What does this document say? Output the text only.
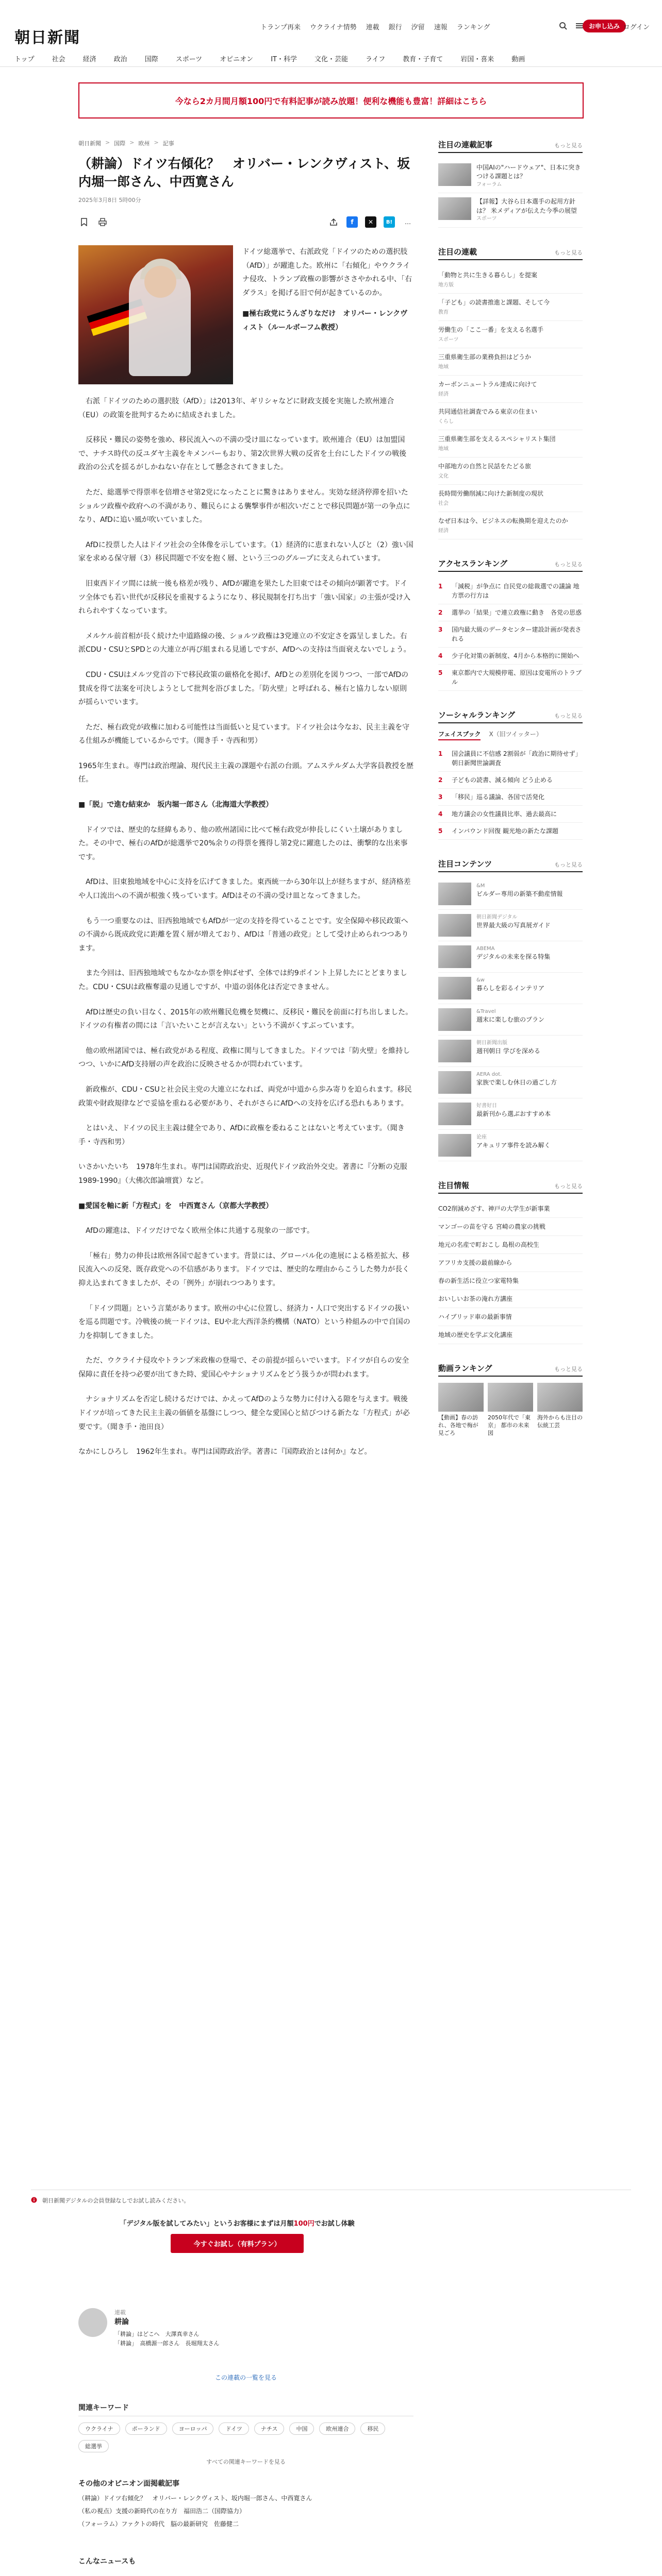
朝日新聞
トランプ再来 ウクライナ情勢 連載 銀行 汐留 速報 ランキング	お申し込み ログイン
トップ	社会	経済	政治	国際	スポーツ	オピニオン	IT・科学	文化・芸能	ライフ	教育・子育て	岩国・喜来	動画
今なら2カ月間月額100円で有料記事が読み放題！便利な機能も豊富！詳細はこちら
朝日新聞 > 国際 > 欧州 > 記事
（耕論）ドイツ右傾化？　オリバー・レンクヴィスト、坂内堀一郎さん、中西寛さん
2025年3月8日 5時00分
f	✕	B!	…

ドイツ総選挙で、右派政党「ドイツのための選択肢（AfD）」が躍進した。欧州に「右傾化」やウクライナ侵攻、トランプ政権の影響がささやかれる中、「右ダラス」を掲げる旧で何が起きているのか。

■極右政党にうんざりなだけ　オリバー・レンクヴィスト（ルールボーフム教授）

右派「ドイツのための選択肢（AfD）」は2013年、ギリシャなどに財政支援を実施した欧州連合（EU）の政策を批判するために結成されました。

反移民・難民の姿勢を強め、移民流入への不満の受け皿になっています。欧州連合（EU）は加盟国で、ナチス時代の反ユダヤ主義をキメンバーもおり、第2次世界大戦の反省を土台にしたドイツの戦後政治の公式を揺るがしかねない存在として懸念されてきました。

ただ、総選挙で得票率を倍増させ第2党になったことに驚きはありません。実効な経済停滞を招いたショルツ政権や政府への不満があり、難民らによる襲撃事件が相次いだことで移民問題が第一の争点になり、AfDに追い風が吹いていました。

AfDに投票した人はドイツ社会の全体像を示しています。（1）経済的に恵まれない人びと（2）強い国家を求める保守層（3）移民問題で不安を抱く層、という三つのグループに支えられています。

旧東西ドイツ間には統一後も格差が残り、AfDが躍進を果たした旧東ではその傾向が顕著です。ドイツ全体でも若い世代が反移民を重視するようになり、移民規制を打ち出す「強い国家」の主張が受け入れられやすくなっています。

メルケル前首相が長く続けた中道路線の後、ショルツ政権は3党連立の不安定さを露呈しました。右派CDU・CSUとSPDとの大連立が再び組まれる見通しですが、AfDへの支持は当面衰えないでしょう。

CDU・CSUはメルツ党首の下で移民政策の厳格化を掲げ、AfDとの差別化を図りつつ、一部でAfDの賛成を得て法案を可決しようとして批判を浴びました。「防火壁」と呼ばれる、極右と協力しない原則が揺らいでいます。

ただ、極右政党が政権に加わる可能性は当面低いと見ています。ドイツ社会は今なお、民主主義を守る仕組みが機能しているからです。（聞き手・寺西和男）

1965年生まれ。専門は政治理論、現代民主主義の課題や右派の台頭。アムステルダム大学客員教授を歴任。

■「脱」で進む結束か　坂内堀一郎さん（北海道大学教授）

ドイツでは、歴史的な経緯もあり、他の欧州諸国に比べて極右政党が伸長しにくい土壌がありました。その中で、極右のAfDが総選挙で20%余りの得票を獲得し第2党に躍進したのは、衝撃的な出来事です。

AfDは、旧東独地域を中心に支持を広げてきました。東西統一から30年以上が経ちますが、経済格差や人口流出への不満が根強く残っています。AfDはその不満の受け皿となってきました。

もう一つ重要なのは、旧西独地域でもAfDが一定の支持を得ていることです。安全保障や移民政策への不満から既成政党に距離を置く層が増えており、AfDは「普通の政党」として受け止められつつあります。

また今回は、旧西独地域でもなかなか票を伸ばせず、全体では約9ポイント上昇したにとどまりました。CDU・CSUは政権奪還の見通しですが、中道の弱体化は否定できません。

AfDは歴史の負い目なく、2015年の欧州難民危機を契機に、反移民・難民を前面に打ち出しました。ドイツの有権者の間には「言いたいことが言えない」という不満がくすぶっています。

他の欧州諸国では、極右政党がある程度、政権に関与してきました。ドイツでは「防火壁」を維持しつつ、いかにAfD支持層の声を政治に反映させるかが問われています。

新政権が、CDU・CSUと社会民主党の大連立になれば、両党が中道から歩み寄りを迫られます。移民政策や財政規律などで妥協を重ねる必要があり、それがさらにAfDへの支持を広げる恐れもあります。

とはいえ、ドイツの民主主義は健全であり、AfDに政権を委ねることはないと考えています。（聞き手・寺西和男）

いさかいたいち　1978年生まれ。専門は国際政治史、近現代ドイツ政治外交史。著書に『分断の克服　1989-1990』（大佛次郎論壇賞）など。

■愛国を軸に新「方程式」を　中西寛さん（京都大学教授）

AfDの躍進は、ドイツだけでなく欧州全体に共通する現象の一部です。

「極右」勢力の伸長は欧州各国で起きています。背景には、グローバル化の進展による格差拡大、移民流入への反発、既存政党への不信感があります。ドイツでは、歴史的な理由からこうした勢力が長く抑え込まれてきましたが、その「例外」が崩れつつあります。

「ドイツ問題」という言葉があります。欧州の中心に位置し、経済力・人口で突出するドイツの扱いを巡る問題です。冷戦後の統一ドイツは、EUや北大西洋条約機構（NATO）という枠組みの中で自国の力を抑制してきました。

ただ、ウクライナ侵攻やトランプ米政権の登場で、その前提が揺らいでいます。ドイツが自らの安全保障に責任を持つ必要が出てきた時、愛国心やナショナリズムをどう扱うかが問われます。

ナショナリズムを否定し続けるだけでは、かえってAfDのような勢力に付け入る隙を与えます。戦後ドイツが培ってきた民主主義の価値を基盤にしつつ、健全な愛国心と結びつける新たな「方程式」が必要です。（聞き手・池田良）

なかにしひろし　1962年生まれ。専門は国際政治学。著書に『国際政治とは何か』など。

注目の連載記事	もっと見る
中国AIの"ハードウェア"、日本に突きつける課題とは？
フォーラム
【詳報】大谷ら日本選手の起用方針は？ 米メディアが伝えた今季の展望
スポーツ
注目の連載	もっと見る
「動物と共に生きる暮らし」を提案
地方版
「子ども」の読書推進と課題、そして今
教育
労働生の「ここ一番」を支える名選手
スポーツ
三重県衛生部の業務負担はどうか
地域
カーボンニュートラル達成に向けて
経済
共同通信社調査でみる東京の住まい
くらし
三重県衛生部を支えるスペシャリスト集団
地域
中部地方の自然と民話をたどる旅
文化
長時間労働削減に向けた新制度の現状
社会
なぜ日本は今、ビジネスの転換期を迎えたのか
経済
アクセスランキング	もっと見る
1	「減税」が争点に 自民党の総裁選での議論 地方票の行方は
2	選挙の「結果」で連立政権に動き　各党の思惑
3	国内最大級のデータセンター建設計画が発表される
4	少子化対策の新制度、4月から本格的に開始へ
5	東京都内で大規模停電、原因は変電所のトラブル
ソーシャルランキング	もっと見る
フェイスブック X（旧ツイッター）
1	国会議員に不信感 2割弱が「政治に期待せず」 朝日新聞世論調査
2	子どもの読書、減る傾向 どう止める
3	「移民」巡る議論、各国で活発化
4	地方議会の女性議員比率、過去最高に
5	インバウンド回復 観光地の新たな課題
注目コンテンツ	もっと見る
&M
ビルダー専用の新築不動産情報
朝日新聞デジタル
世界最大級の写真展ガイド
ABEMA
デジタルの未来を探る特集
&w
暮らしを彩るインテリア
&Travel
週末に楽しむ旅のプラン
朝日新聞出版
週刊朝日 学びを深める
AERA dot.
家族で楽しむ休日の過ごし方
好書好日
最新刊から選ぶおすすめ本
论座
アキュリア事件を読み解く
注目情報	もっと見る
CO2削減めざす、神戸の大学生が新事業
マンゴーの苗を守る 宮崎の農家の挑戦
地元の名産で町おこし 島根の高校生
アフリカ支援の最前線から
春の新生活に役立つ家電特集
おいしいお茶の淹れ方講座
ハイブリッド車の最新事情
地域の歴史を学ぶ文化講座
動画ランキング	もっと見る
【動画】春の訪れ、各地で梅が見ごろ
2050年代で「東京」 都市の未来図
海外からも注目の伝統工芸
朝日新聞デジタルの会員登録なしでお試し読みください。
「デジタル版を試してみたい」というお客様にまずは月額100円でお試し体験
今すぐお試し（有料プラン）
連載
耕論
「耕論」はどこへ　大澤真幸さん
「耕論」　高橋源一郎さん　長堀翔太さん
この連載の一覧を見る
関連キーワード
ウクライナ	ポーランド	ヨーロッパ	ドイツ	ナチス	中国	欧州連合	移民
総選挙
すべての関連キーワードを見る
その他のオピニオン面掲載記事
（耕論）ドイツ右傾化？　オリバー・レンクヴィスト、坂内堀一郎さん、中西寛さん
（私の視点）支援の新時代の在り方　福田浩二（国際協力）
（フォーラム）ファクトの時代　脳の最新研究　佐藤健二
こんなニュースも
